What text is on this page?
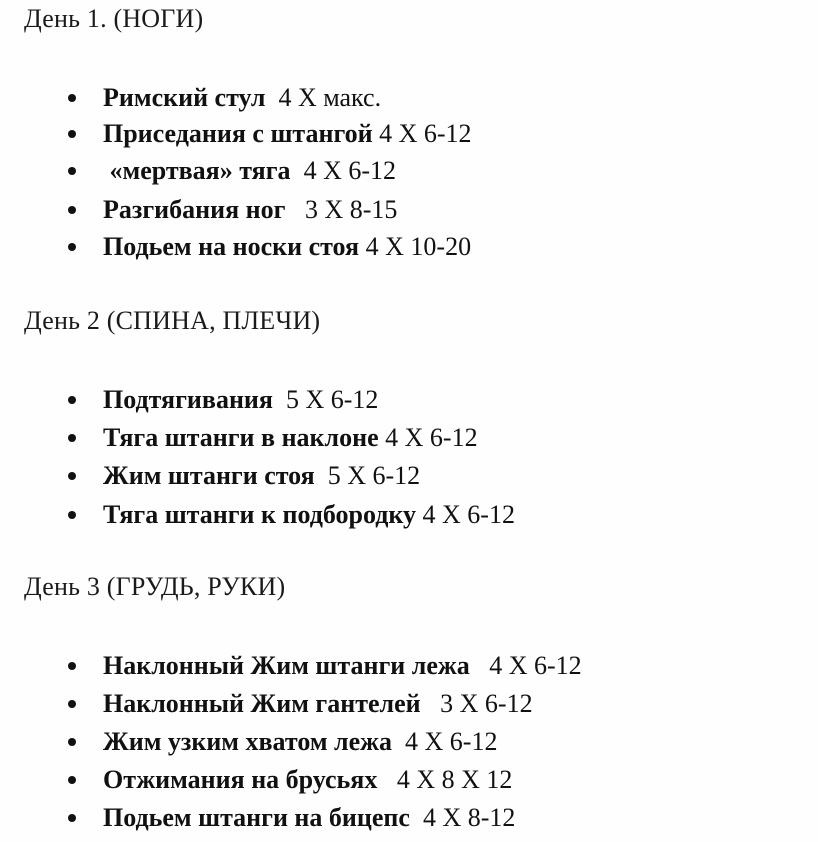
День 1. (НОГИ)
Римский стул
4 Х макс.
Приседания с штангой
4 Х 6-12
«мертвая» тяга
4 Х 6-12
Разгибания ног
3 Х 8-15
Подьем на носки стоя
4 Х 10-20
День 2 (СПИНА, ПЛЕЧИ)
Подтягивания
5 Х 6-12
Тяга штанги в наклоне
4 Х 6-12
Жим штанги стоя
5 Х 6-12
Тяга штанги к подбородку
4 Х 6-12
День 3 (ГРУДЬ, РУКИ)
Наклонный Жим штанги лежа
4 Х 6-12
Наклонный Жим гантелей
3 Х 6-12
Жим узким хватом лежа
4 Х 6-12
Отжимания на брусьях
4 Х 8 Х 12
Подьем штанги на бицепс
4 Х 8-12
